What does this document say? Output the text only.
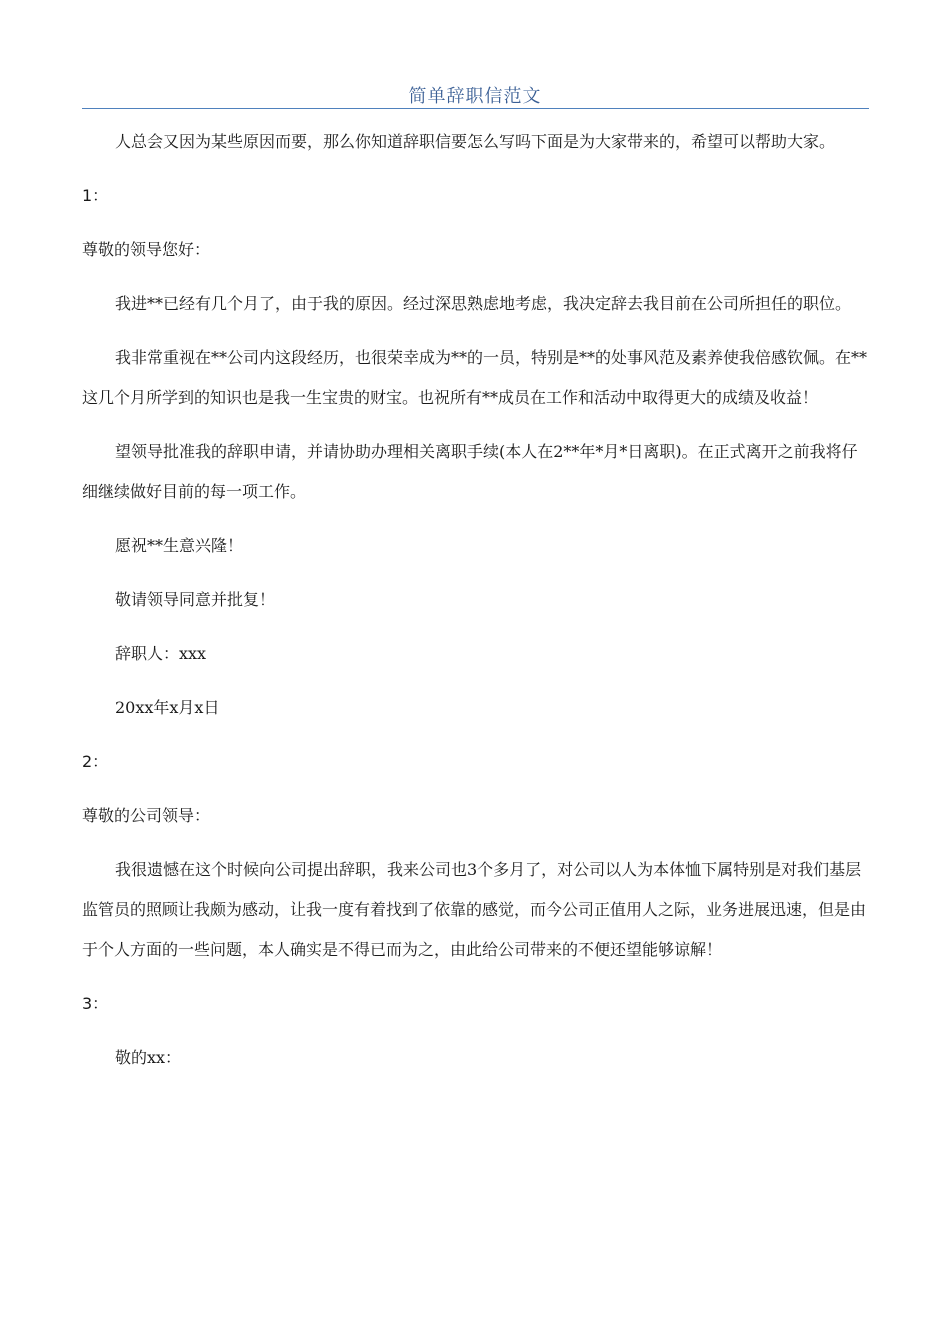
简单辞职信范文

人总会又因为某些原因而要，那么你知道辞职信要怎么写吗下面是为大家带来的，希望可以帮助大家。

1：

尊敬的领导您好：

我进**已经有几个月了，由于我的原因。经过深思熟虑地考虑，我决定辞去我目前在公司所担任的职位。

我非常重视在**公司内这段经历，也很荣幸成为**的一员，特别是**的处事风范及素养使我倍感钦佩。在**这几个月所学到的知识也是我一生宝贵的财宝。也祝所有**成员在工作和活动中取得更大的成绩及收益！

望领导批准我的辞职申请，并请协助办理相关离职手续(本人在2**年*月*日离职)。在正式离开之前我将仔细继续做好目前的每一项工作。

愿祝**生意兴隆！

敬请领导同意并批复！

辞职人：xxx

20xx年x月x日

2：

尊敬的公司领导：

我很遗憾在这个时候向公司提出辞职，我来公司也3个多月了，对公司以人为本体恤下属特别是对我们基层监管员的照顾让我颇为感动，让我一度有着找到了依靠的感觉，而今公司正值用人之际，业务进展迅速，但是由于个人方面的一些问题，本人确实是不得已而为之，由此给公司带来的不便还望能够谅解！

3：

敬的xx：
